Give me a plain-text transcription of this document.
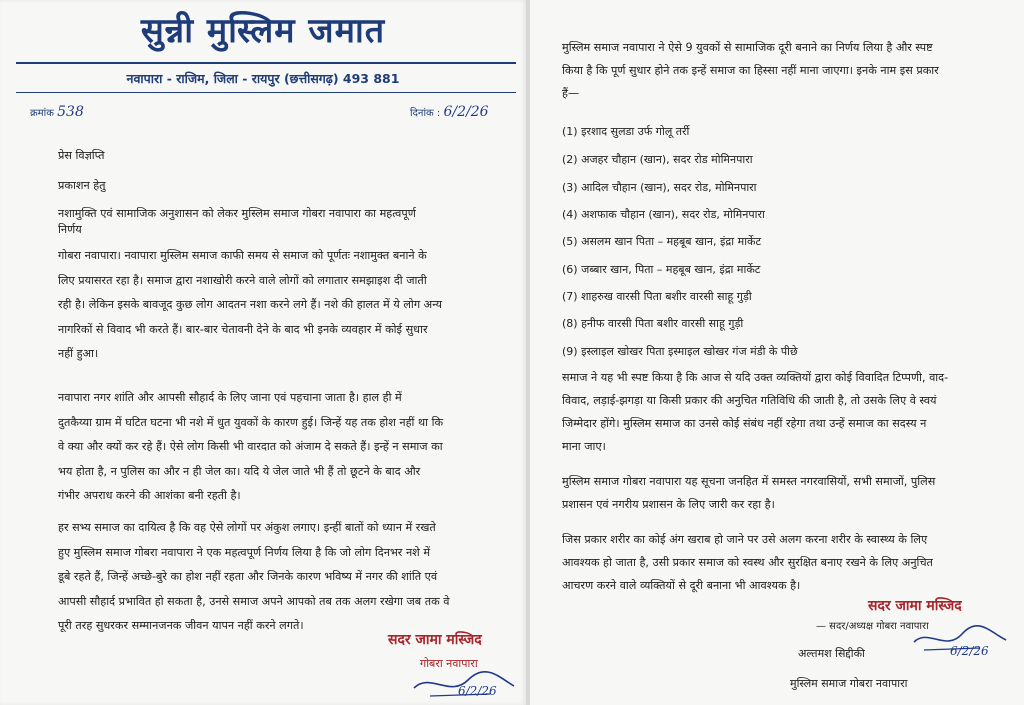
सुन्नी मुस्लिम जमात
नवापारा - राजिम, जिला - रायपुर (छत्तीसगढ़) 493 881
क्रमांक 538	दिनांक : 6/2/26
प्रेस विज्ञप्ति
प्रकाशन हेतु
नशामुक्ति एवं सामाजिक अनुशासन को लेकर मुस्लिम समाज गोबरा नवापारा का महत्वपूर्ण
निर्णय

गोबरा नवापारा। नवापारा मुस्लिम समाज काफी समय से समाज को पूर्णतः नशामुक्त बनाने के

लिए प्रयासरत रहा है। समाज द्वारा नशाखोरी करने वाले लोगों को लगातार समझाइश दी जाती

रही है। लेकिन इसके बावजूद कुछ लोग आदतन नशा करने लगे हैं। नशे की हालत में ये लोग अन्य

नागरिकों से विवाद भी करते हैं। बार-बार चेतावनी देने के बाद भी इनके व्यवहार में कोई सुधार

नहीं हुआ।

नवापारा नगर शांति और आपसी सौहार्द के लिए जाना एवं पहचाना जाता है। हाल ही में

दुतकैय्या ग्राम में घटित घटना भी नशे में धुत युवकों के कारण हुई। जिन्हें यह तक होश नहीं था कि

वे क्या और क्यों कर रहे हैं। ऐसे लोग किसी भी वारदात को अंजाम दे सकते हैं। इन्हें न समाज का

भय होता है, न पुलिस का और न ही जेल का। यदि ये जेल जाते भी हैं तो छूटने के बाद और

गंभीर अपराध करने की आशंका बनी रहती है।

हर सभ्य समाज का दायित्व है कि वह ऐसे लोगों पर अंकुश लगाए। इन्हीं बातों को ध्यान में रखते

हुए मुस्लिम समाज गोबरा नवापारा ने एक महत्वपूर्ण निर्णय लिया है कि जो लोग दिनभर नशे में

डूबे रहते हैं, जिन्हें अच्छे-बुरे का होश नहीं रहता और जिनके कारण भविष्य में नगर की शांति एवं

आपसी सौहार्द प्रभावित हो सकता है, उनसे समाज अपने आपको तब तक अलग रखेगा जब तक वे

पूरी तरह सुधरकर सम्मानजनक जीवन यापन नहीं करने लगते।

सदर जामा मस्जिद
गोबरा नवापारा
6/2/26
मुस्लिम समाज नवापारा ने ऐसे 9 युवकों से सामाजिक दूरी बनाने का निर्णय लिया है और स्पष्ट
किया है कि पूर्ण सुधार होने तक इन्हें समाज का हिस्सा नहीं माना जाएगा। इनके नाम इस प्रकार
हैं—
(1) इरशाद सुलडा उर्फ गोलू तर्री
(2) अजहर चौहान (खान), सदर रोड मोमिनपारा
(3) आदिल चौहान (खान), सदर रोड, मोमिनपारा
(4) अशफाक चौहान (खान), सदर रोड, मोमिनपारा
(5) असलम खान पिता – महबूब खान, इंद्रा मार्केट
(6) जब्बार खान, पिता – महबूब खान, इंद्रा मार्केट
(7) शाहरुख वारसी पिता बशीर वारसी साहू गुड़ी
(8) हनीफ वारसी पिता बशीर वारसी साहू गुड़ी
(9) इस्लाइल खोखर पिता इस्माइल खोखर गंज मंडी के पीछे
समाज ने यह भी स्पष्ट किया है कि आज से यदि उक्त व्यक्तियों द्वारा कोई विवादित टिप्पणी, वाद-
विवाद, लड़ाई-झगड़ा या किसी प्रकार की अनुचित गतिविधि की जाती है, तो उसके लिए वे स्वयं
जिम्मेदार होंगे। मुस्लिम समाज का उनसे कोई संबंध नहीं रहेगा तथा उन्हें समाज का सदस्य न
माना जाए।
मुस्लिम समाज गोबरा नवापारा यह सूचना जनहित में समस्त नगरवासियों, सभी समाजों, पुलिस
प्रशासन एवं नगरीय प्रशासन के लिए जारी कर रहा है।
जिस प्रकार शरीर का कोई अंग खराब हो जाने पर उसे अलग करना शरीर के स्वास्थ्य के लिए
आवश्यक हो जाता है, उसी प्रकार समाज को स्वस्थ और सुरक्षित बनाए रखने के लिए अनुचित
आचरण करने वाले व्यक्तियों से दूरी बनाना भी आवश्यक है।
सदर जामा मस्जिद
— सदर/अध्यक्ष गोबरा नवापारा
अल्तमश सिद्दीकी	6/2/26
मुस्लिम समाज गोबरा नवापारा
